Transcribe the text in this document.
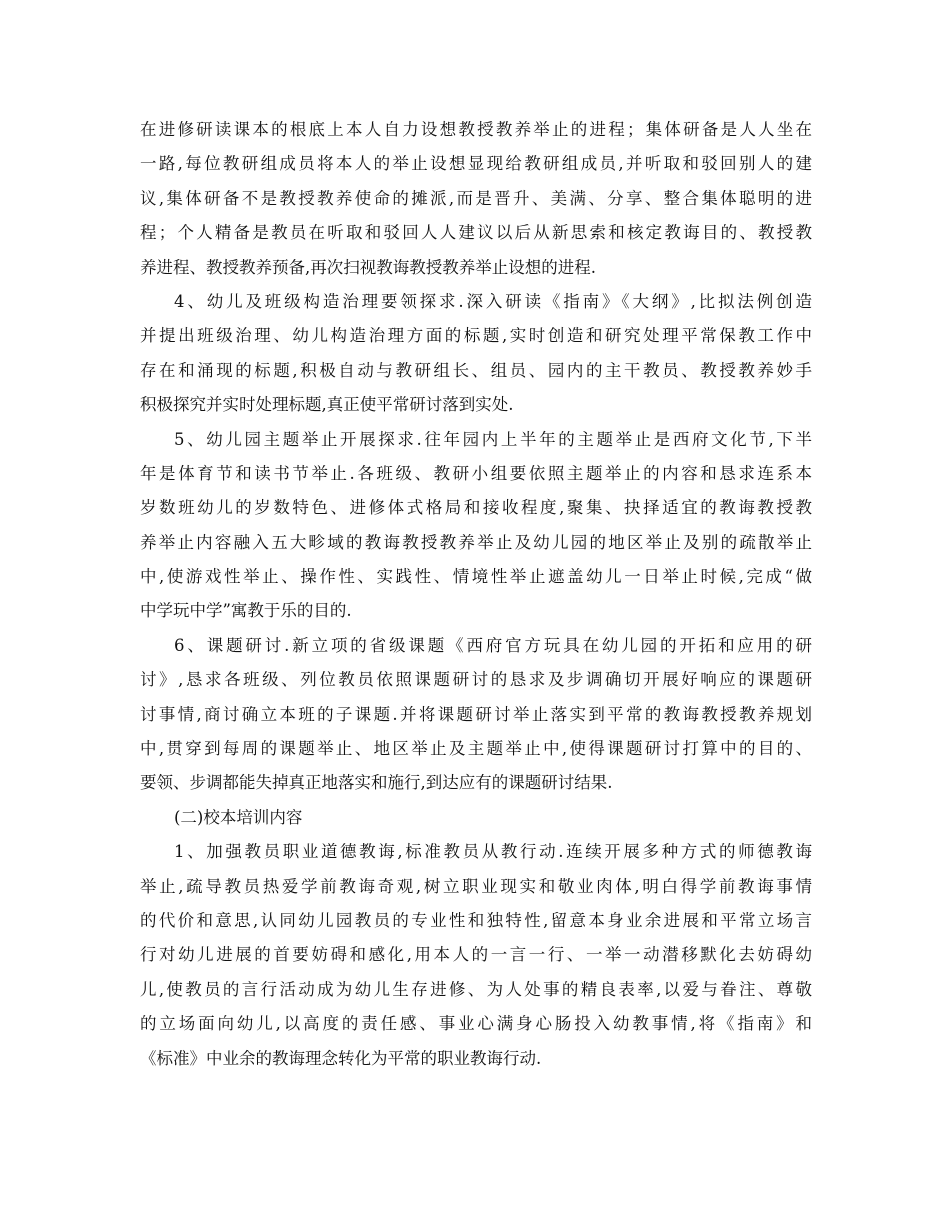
在进修研读课本的根底上本人自力设想教授教养举止的进程；集体研备是人人坐在
一路,每位教研组成员将本人的举止设想显现给教研组成员,并听取和驳回别人的建
议,集体研备不是教授教养使命的摊派,而是晋升、美满、分享、整合集体聪明的进
程；个人精备是教员在听取和驳回人人建议以后从新思索和核定教诲目的、教授教
养进程、教授教养预备,再次扫视教诲教授教养举止设想的进程.
4、幼儿及班级构造治理要领探求.深入研读《指南》《大纲》,比拟法例创造
并提出班级治理、幼儿构造治理方面的标题,实时创造和研究处理平常保教工作中
存在和涌现的标题,积极自动与教研组长、组员、园内的主干教员、教授教养妙手
积极探究并实时处理标题,真正使平常研讨落到实处.
5、幼儿园主题举止开展探求.往年园内上半年的主题举止是西府文化节,下半
年是体育节和读书节举止.各班级、教研小组要依照主题举止的内容和恳求连系本
岁数班幼儿的岁数特色、进修体式格局和接收程度,聚集、抉择适宜的教诲教授教
养举止内容融入五大畛域的教诲教授教养举止及幼儿园的地区举止及别的疏散举止
中,使游戏性举止、操作性、实践性、情境性举止遮盖幼儿一日举止时候,完成“做
中学玩中学”寓教于乐的目的.
6、课题研讨.新立项的省级课题《西府官方玩具在幼儿园的开拓和应用的研
讨》,恳求各班级、列位教员依照课题研讨的恳求及步调确切开展好响应的课题研
讨事情,商讨确立本班的子课题.并将课题研讨举止落实到平常的教诲教授教养规划
中,贯穿到每周的课题举止、地区举止及主题举止中,使得课题研讨打算中的目的、
要领、步调都能失掉真正地落实和施行,到达应有的课题研讨结果.
(二)校本培训内容
1、加强教员职业道德教诲,标准教员从教行动.连续开展多种方式的师德教诲
举止,疏导教员热爱学前教诲奇观,树立职业现实和敬业肉体,明白得学前教诲事情
的代价和意思,认同幼儿园教员的专业性和独特性,留意本身业余进展和平常立场言
行对幼儿进展的首要妨碍和感化,用本人的一言一行、一举一动潜移默化去妨碍幼
儿,使教员的言行活动成为幼儿生存进修、为人处事的精良表率,以爱与眷注、尊敬
的立场面向幼儿,以高度的责任感、事业心满身心肠投入幼教事情,将《指南》和
《标准》中业余的教诲理念转化为平常的职业教诲行动.
